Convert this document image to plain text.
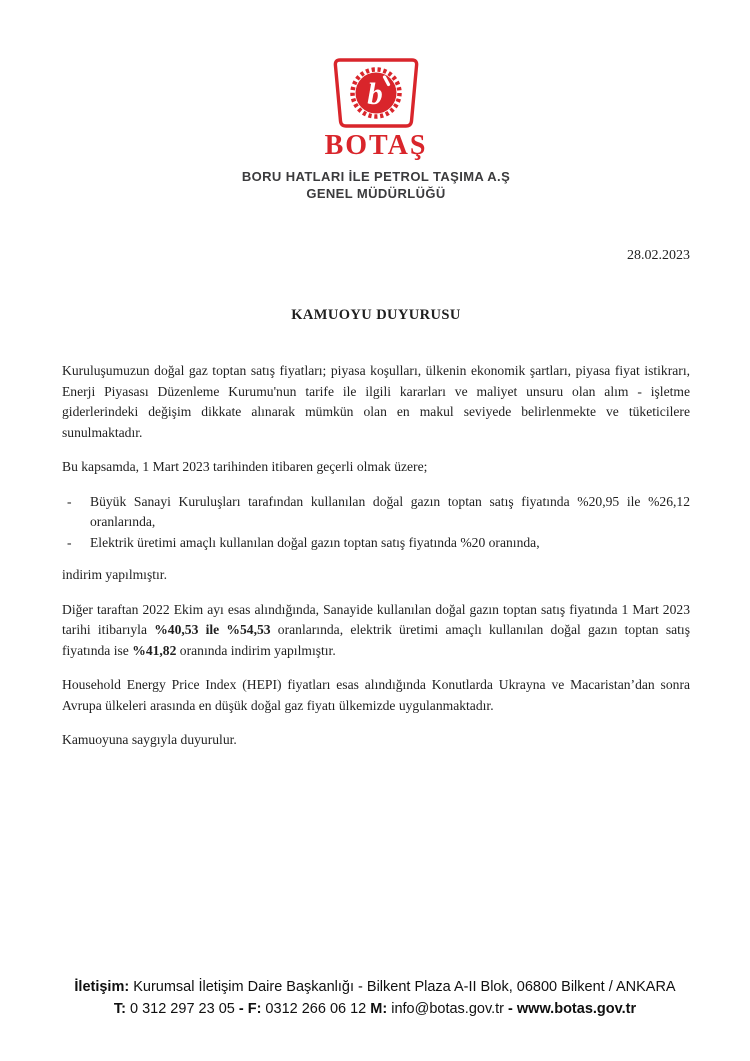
b
BOTAŞ
BORU HATLARI İLE PETROL TAŞIMA A.Ş
GENEL MÜDÜRLÜĞÜ
28.02.2023
KAMUOYU DUYURUSU

Kuruluşumuzun doğal gaz toptan satış fiyatları; piyasa koşulları, ülkenin ekonomik şartları, piyasa fiyat istikrarı, Enerji Piyasası Düzenleme Kurumu'nun tarife ile ilgili kararları ve maliyet unsuru olan alım - işletme giderlerindeki değişim dikkate alınarak mümkün olan en makul seviyede belirlenmekte ve tüketicilere sunulmaktadır.

Bu kapsamda, 1 Mart 2023 tarihinden itibaren geçerli olmak üzere;

- Büyük Sanayi Kuruluşları tarafından kullanılan doğal gazın toptan satış fiyatında %20,95 ile %26,12 oranlarında,
- Elektrik üretimi amaçlı kullanılan doğal gazın toptan satış fiyatında %20 oranında,

indirim yapılmıştır.

Diğer taraftan 2022 Ekim ayı esas alındığında, Sanayide kullanılan doğal gazın toptan satış fiyatında 1 Mart 2023 tarihi itibarıyla %40,53 ile %54,53 oranlarında, elektrik üretimi amaçlı kullanılan doğal gazın toptan satış fiyatında ise %41,82 oranında indirim yapılmıştır.

Household Energy Price Index (HEPI) fiyatları esas alındığında Konutlarda Ukrayna ve Macaristan’dan sonra Avrupa ülkeleri arasında en düşük doğal gaz fiyatı ülkemizde uygulanmaktadır.

Kamuoyuna saygıyla duyurulur.

İletişim: Kurumsal İletişim Daire Başkanlığı - Bilkent Plaza A-II Blok, 06800 Bilkent / ANKARA
T: 0 312 297 23 05 - F: 0312 266 06 12 M: info@botas.gov.tr - www.botas.gov.tr
